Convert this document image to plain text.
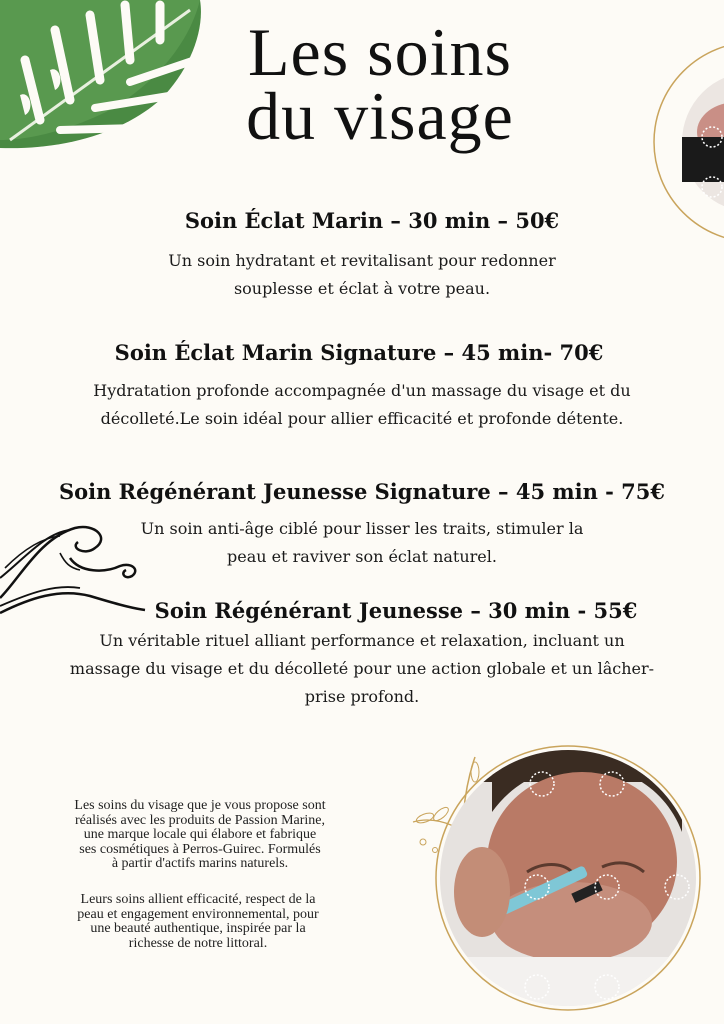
Les soins
du visage
Soin Éclat Marin – 30 min – 50€
Un soin hydratant et revitalisant pour redonner
souplesse et éclat à votre peau.
Soin Éclat Marin Signature – 45 min- 70€
Hydratation profonde accompagnée d'un massage du visage et du
décolleté.Le soin idéal pour allier efficacité et profonde détente.
Soin Régénérant Jeunesse Signature – 45 min - 75€
Un soin anti-âge ciblé pour lisser les traits, stimuler la
peau et raviver son éclat naturel.
Soin Régénérant Jeunesse – 30 min - 55€
Un véritable rituel alliant performance et relaxation, incluant un
massage du visage et du décolleté pour une action globale et un lâcher-
prise profond.
Les soins du visage que je vous propose sont
réalisés avec les produits de Passion Marine,
une marque locale qui élabore et fabrique
ses cosmétiques à Perros-Guirec. Formulés
à partir d'actifs marins naturels.
Leurs soins allient efficacité, respect de la
peau et engagement environnemental, pour
une beauté authentique, inspirée par la
richesse de notre littoral.
